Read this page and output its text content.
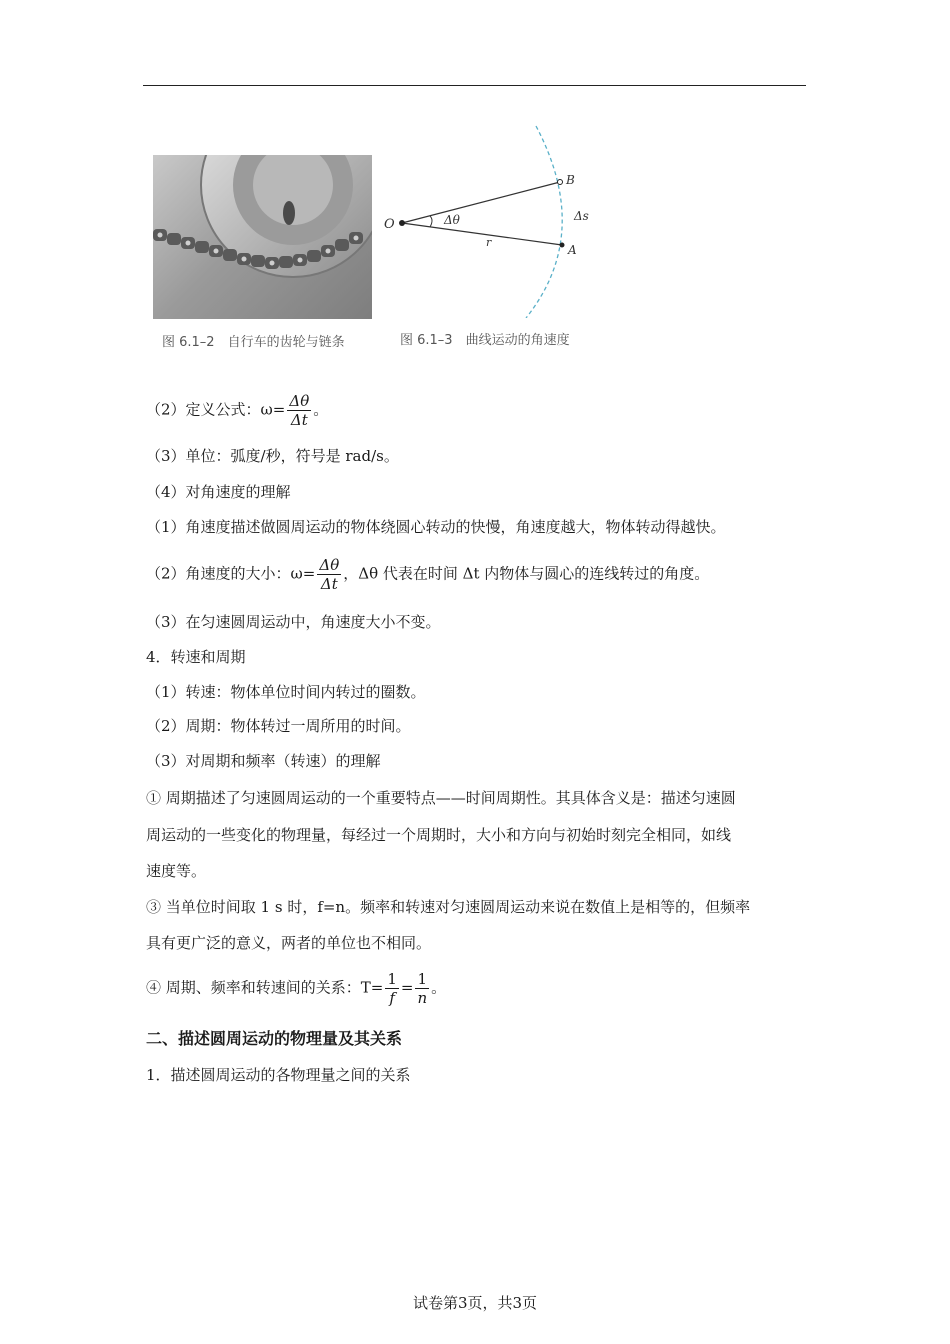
图 6.1–2　自行车的齿轮与链条
O
A
B
r
Δs
Δθ
图 6.1–3　曲线运动的角速度
（2）定义公式：$\omega= \frac{\Delta\theta}{\Delta t}$ 。
（3）单位：弧度/秒，符号是 rad/s。
（4）对角速度的理解
（1）角速度描述做圆周运动的物体绕圆心转动的快慢，角速度越大，物体转动得越快。
（2）角速度的大小：$\omega= \frac{\Delta\theta}{\Delta t}$ ，Δθ 代表在时间 Δt 内物体与圆心的连线转过的角度。
（3）在匀速圆周运动中，角速度大小不变。
4．转速和周期
（1）转速：物体单位时间内转过的圈数。
（2）周期：物体转过一周所用的时间。
（3）对周期和频率（转速）的理解
① 周期描述了匀速圆周运动的一个重要特点——时间周期性。其具体含义是：描述匀速圆
周运动的一些变化的物理量，每经过一个周期时，大小和方向与初始时刻完全相同，如线
速度等。
③ 当单位时间取 1 s 时，f=n。频率和转速对匀速圆周运动来说在数值上是相等的，但频率
具有更广泛的意义，两者的单位也不相同。
④ 周期、频率和转速间的关系：$T= \frac{1}{f} = \frac{1}{n}$ 。
二、描述圆周运动的物理量及其关系
1．描述圆周运动的各物理量之间的关系
试卷第3页，共3页
